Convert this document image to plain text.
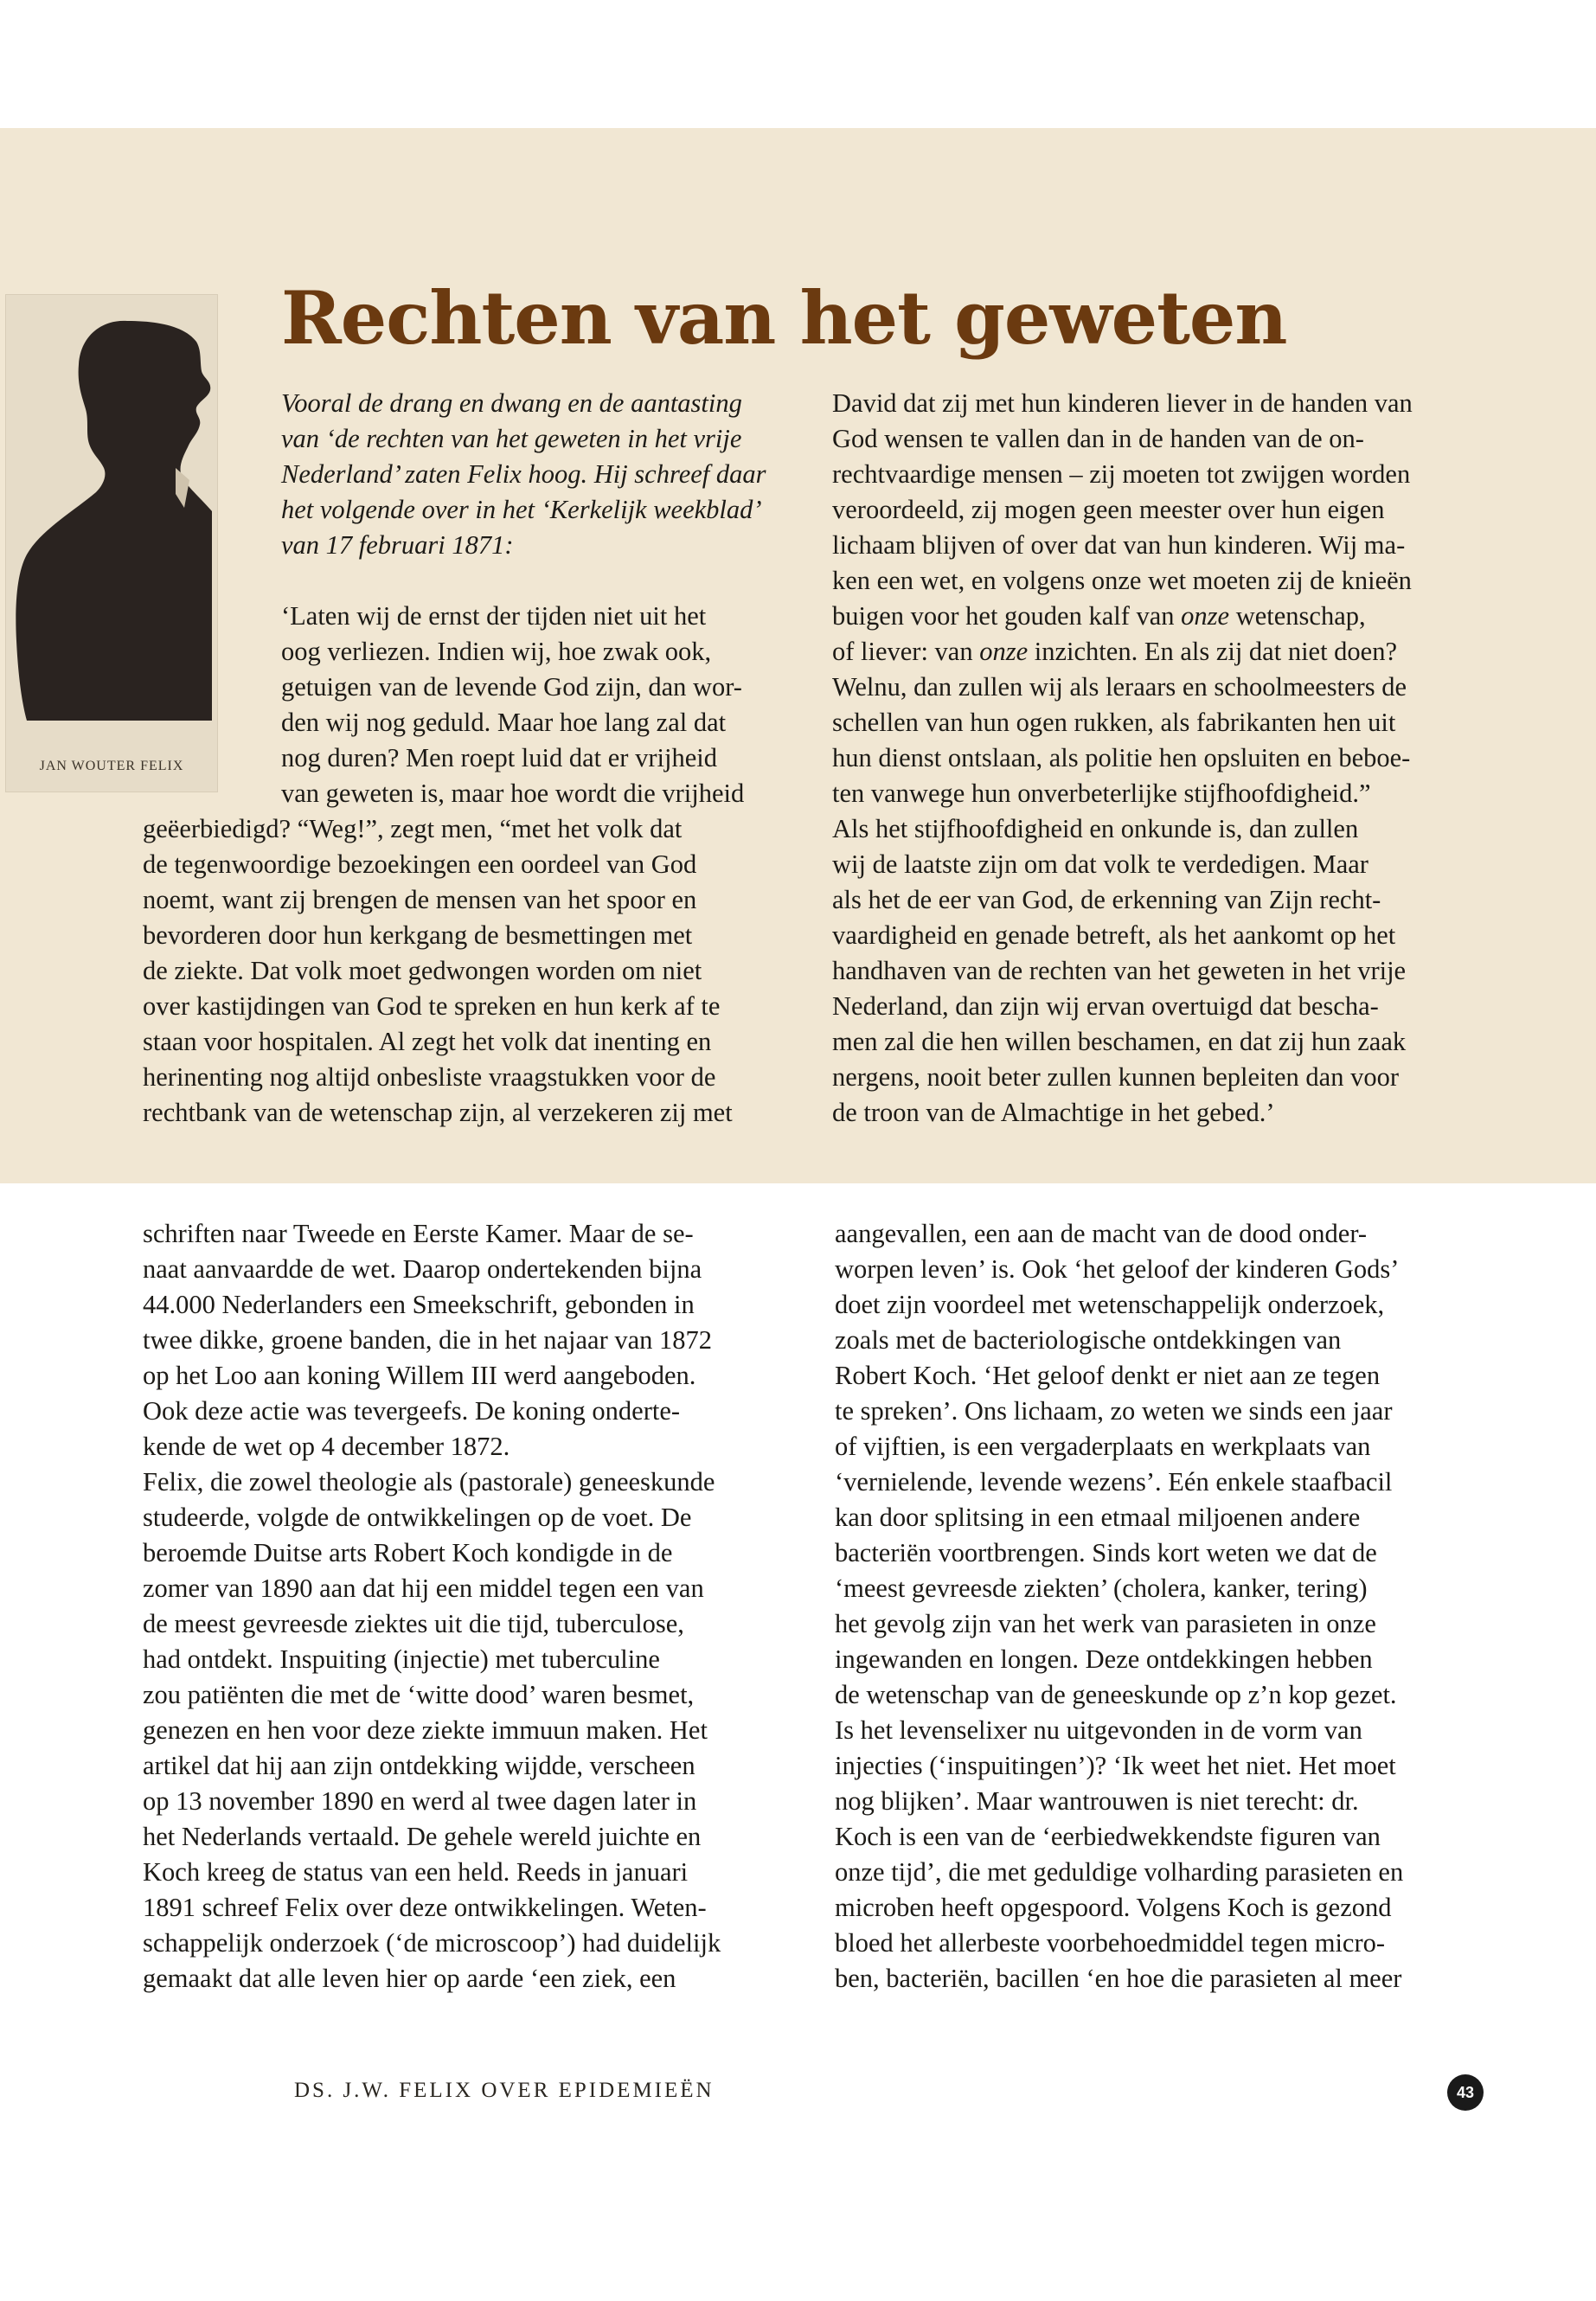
JAN WOUTER FELIX
Rechten van het geweten
Vooral de drang en dwang en de aantasting
van ‘de rechten van het geweten in het vrije
Nederland’ zaten Felix hoog. Hij schreef daar
het volgende over in het ‘Kerkelijk weekblad’
van 17 februari 1871:
‘Laten wij de ernst der tijden niet uit het
oog verliezen. Indien wij, hoe zwak ook,
getuigen van de levende God zijn, dan wor-
den wij nog geduld. Maar hoe lang zal dat
nog duren? Men roept luid dat er vrijheid
van geweten is, maar hoe wordt die vrijheid
geëerbiedigd? “Weg!”, zegt men, “met het volk dat
de tegenwoordige bezoekingen een oordeel van God
noemt, want zij brengen de mensen van het spoor en
bevorderen door hun kerkgang de besmettingen met
de ziekte. Dat volk moet gedwongen worden om niet
over kastijdingen van God te spreken en hun kerk af te
staan voor hospitalen. Al zegt het volk dat inenting en
herinenting nog altijd onbesliste vraagstukken voor de
rechtbank van de wetenschap zijn, al verzekeren zij met
David dat zij met hun kinderen liever in de handen van
God wensen te vallen dan in de handen van de on-
rechtvaardige mensen – zij moeten tot zwijgen worden
veroordeeld, zij mogen geen meester over hun eigen
lichaam blijven of over dat van hun kinderen. Wij ma-
ken een wet, en volgens onze wet moeten zij de knieën
buigen voor het gouden kalf van onze wetenschap,
of liever: van onze inzichten. En als zij dat niet doen?
Welnu, dan zullen wij als leraars en schoolmeesters de
schellen van hun ogen rukken, als fabrikanten hen uit
hun dienst ontslaan, als politie hen opsluiten en beboe-
ten vanwege hun onverbeterlijke stijfhoofdigheid.”
Als het stijfhoofdigheid en onkunde is, dan zullen
wij de laatste zijn om dat volk te verdedigen. Maar
als het de eer van God, de erkenning van Zijn recht-
vaardigheid en genade betreft, als het aankomt op het
handhaven van de rechten van het geweten in het vrije
Nederland, dan zijn wij ervan overtuigd dat bescha-
men zal die hen willen beschamen, en dat zij hun zaak
nergens, nooit beter zullen kunnen bepleiten dan voor
de troon van de Almachtige in het gebed.’
schriften naar Tweede en Eerste Kamer. Maar de se-
naat aanvaardde de wet. Daarop ondertekenden bijna
44.000 Nederlanders een Smeekschrift, gebonden in
twee dikke, groene banden, die in het najaar van 1872
op het Loo aan koning Willem III werd aangeboden.
Ook deze actie was tevergeefs. De koning onderte-
kende de wet op 4 december 1872.
Felix, die zowel theologie als (pastorale) geneeskunde
studeerde, volgde de ontwikkelingen op de voet. De
beroemde Duitse arts Robert Koch kondigde in de
zomer van 1890 aan dat hij een middel tegen een van
de meest gevreesde ziektes uit die tijd, tuberculose,
had ontdekt. Inspuiting (injectie) met tuberculine
zou patiënten die met de ‘witte dood’ waren besmet,
genezen en hen voor deze ziekte immuun maken. Het
artikel dat hij aan zijn ontdekking wijdde, verscheen
op 13 november 1890 en werd al twee dagen later in
het Nederlands vertaald. De gehele wereld juichte en
Koch kreeg de status van een held. Reeds in januari
1891 schreef Felix over deze ontwikkelingen. Weten-
schappelijk onderzoek (‘de microscoop’) had duidelijk
gemaakt dat alle leven hier op aarde ‘een ziek, een
aangevallen, een aan de macht van de dood onder-
worpen leven’ is. Ook ‘het geloof der kinderen Gods’
doet zijn voordeel met wetenschappelijk onderzoek,
zoals met de bacteriologische ontdekkingen van
Robert Koch. ‘Het geloof denkt er niet aan ze tegen
te spreken’. Ons lichaam, zo weten we sinds een jaar
of vijftien, is een vergaderplaats en werkplaats van
‘vernielende, levende wezens’. Eén enkele staafbacil
kan door splitsing in een etmaal miljoenen andere
bacteriën voortbrengen. Sinds kort weten we dat de
‘meest gevreesde ziekten’ (cholera, kanker, tering)
het gevolg zijn van het werk van parasieten in onze
ingewanden en longen. Deze ontdekkingen hebben
de wetenschap van de geneeskunde op z’n kop gezet.
Is het levenselixer nu uitgevonden in de vorm van
injecties (‘inspuitingen’)? ‘Ik weet het niet. Het moet
nog blijken’. Maar wantrouwen is niet terecht: dr.
Koch is een van de ‘eerbiedwekkendste figuren van
onze tijd’, die met geduldige volharding parasieten en
microben heeft opgespoord. Volgens Koch is gezond
bloed het allerbeste voorbehoedmiddel tegen micro-
ben, bacteriën, bacillen ‘en hoe die parasieten al meer
DS. J.W. FELIX OVER EPIDEMIEËN	43
